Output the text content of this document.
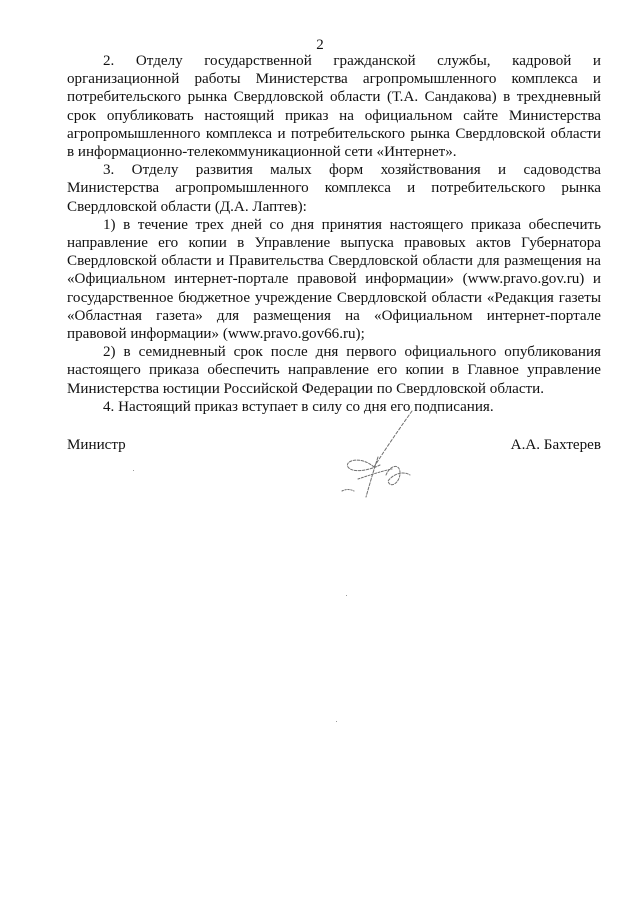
2

2. Отделу государственной гражданской службы, кадровой и организационной работы Министерства агропромышленного комплекса и потребительского рынка Свердловской области (Т.А. Сандакова) в трехдневный срок опубликовать настоящий приказ на официальном сайте Министерства агропромышленного комплекса и потребительского рынка Свердловской области в информационно-телекоммуникационной сети «Интернет».

3. Отделу развития малых форм хозяйствования и садоводства Министерства агропромышленного комплекса и потребительского рынка Свердловской области (Д.А. Лаптев):

1) в течение трех дней со дня принятия настоящего приказа обеспечить направление его копии в Управление выпуска правовых актов Губернатора Свердловской области и Правительства Свердловской области для размещения на «Официальном интернет-портале правовой информации» (www.pravo.gov.ru) и государственное бюджетное учреждение Свердловской области «Редакция газеты «Областная газета» для размещения на «Официальном интернет-портале правовой информации» (www.pravo.gov66.ru);

2) в семидневный срок после дня первого официального опубликования настоящего приказа обеспечить направление его копии в Главное управление Министерства юстиции Российской Федерации по Свердловской области.

4. Настоящий приказ вступает в силу со дня его подписания.

Министр	А.А. Бахтерев
